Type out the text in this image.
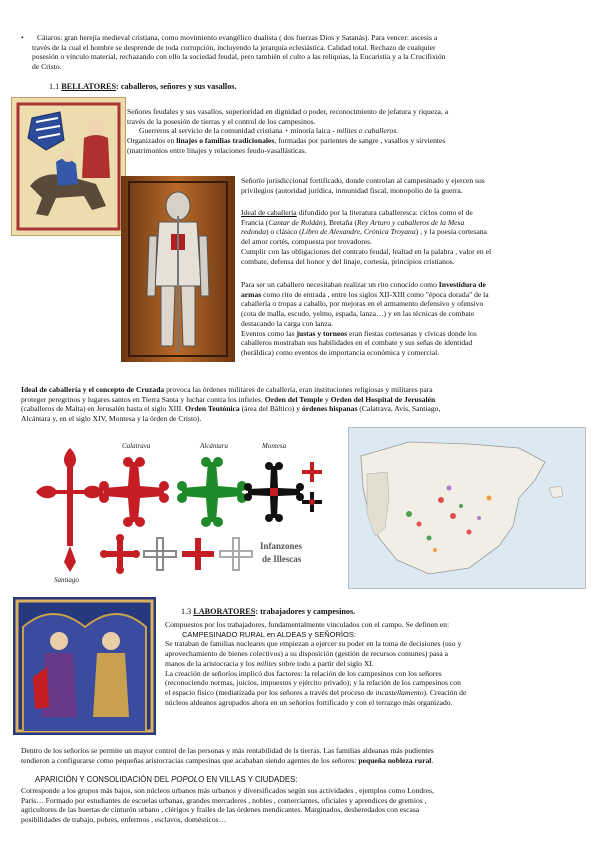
• Cátaros: gran herejía medieval cristiana, como movimiento evangélico dualista ( dos fuerzas Dios y Satanás). Para vencer: ascesis a
través de la cual el hombre se desprende de toda corrupción, incluyendo la jerarquía eclesiástica. Calidad total. Rechazo de cualquier
posesión o vínculo material, rechazando con ello la sociedad feudal, pero también el culto a las reliquias, la Eucaristía y a la Crucifixión
de Cristo.
1.1 BELLATORES: caballeros, señores y sus vasallos.
Señores feudales y sus vasallos, superioridad en dignidad o poder, reconocimiento de jefatura y riqueza, a
través de la posesión de tierras y el control de los campesinos.
Guerreros al servicio de la comunidad cristiana + minoría laica - milites o caballeros.
Organizados en linajes o familias tradicionales, formadas por parientes de sangre , vasallos y sirvientes
(matrimonios entre linajes y relaciones feudo-vasallásticas.
Señorío jurisdiccional fortificado, donde controlan al campesinado y ejercen sus
privilegios (autoridad jurídica, inmunidad fiscal, monopolio de la guerra.
Ideal de caballería difundido por la literatura caballeresca: ciclos como el de
Francia (Cantar de Roldán), Bretaña (Rey Arturo y caballeros de la Mesa
redonda) o clásico (Libro de Alexandre, Crónica Troyana) , y la poesía cortesana
del amor cortés, compuesta por trovadores.
Cumplir con las obligaciones del contrato feudal, lealtad en la palabra , valor en el
combate, defensa del honor y del linaje, cortesía, principios cristianos.
Para ser un caballero necesitaban realizar un rito conocido como Investidura de
armas como rito de entrada , entre los siglos XII-XIII como "época dorada" de la
caballería o tropas a caballo, por mejoras en el armamento defensivo y ofensivo
(cota de malla, escudo, yelmo, espada, lanza…) y en las técnicas de combate
destacando la carga con lanza.
Eventos como las justas y torneos eran fiestas cortesanas y cívicas donde los
caballeros mostraban sus habilidades en el combate y sus señas de identidad
(heráldica) como eventos de importancia económica y comercial.
Ideal de caballería y el concepto de Cruzada provoca las órdenes militares de caballería, eran instituciones religiosas y militares para
proteger peregrinos y lugares santos en Tierra Santa y luchar contra los infieles. Orden del Temple y Orden del Hospital de Jerusalén
(caballeros de Malta) en Jerusalén hasta el siglo XIII. Orden Teutónica (área del Báltico) y órdenes hispanas (Calatrava, Avís, Santiago,
Alcántara y, en el siglo XIV, Montesa y la órden de Cristo).
Calatrava	Alcántara	Montesa
Santiago
Infanzones
de Illescas
1.3 LABORATORES: trabajadores y campesinos.
Compuestos por los trabajadores, fundamentalmente vinculados con el campo. Se definen en:
CAMPESINADO RURAL en ALDEAS y SEÑORÍOS:
Se trataban de familias nucleares que empiezan a ejercer su poder en la toma de decisiones (uso y
aprovechamiento de bienes colectivos) a su disposición (gestión de recursos comunes) pasa a
manos de la aristocracia y los milites sobre todo a partir del siglo XI.
La creación de señoríos implicó dos factores: la relación de los campesinos con los señores
(reconociendo normas, juicios, impuestos y ejército privado); y la relación de los campesinos con
el espacio físico (mediatizada por los señores a través del proceso de incastellamento). Creación de
núcleos aldeanos agrupados ahora en un señoríos fortificado y con el terrazgo más organizado.
Dentro de los señoríos se permite un mayor control de las personas y más rentabilidad de ls tierras. Las familias aldeanas más pudientes
tendieron a configurarse como pequeñas aristocracias campesinas que acababan siendo agentes de los señores: pequeña nobleza rural.
APARICIÓN Y CONSOLIDACIÓN DEL POPOLO EN VILLAS Y CIUDADES:
Corresponde a los grupos más bajos, son núcleos urbanos más urbanos y diversificados según sus actividades , ejemplos como Londres,
París… Formado por estudiantes de escuelas urbanas, grandes mercaderes , nobles , comerciantes, oficiales y aprendices de gremios ,
agricultores de las huertas de cinturón urbano , clérigos y frailes de las órdenes mendicantes. Marginados, desheredados con escasa
posibilidades de trabajo, pobres, enfermos , esclavos, domésticos…
